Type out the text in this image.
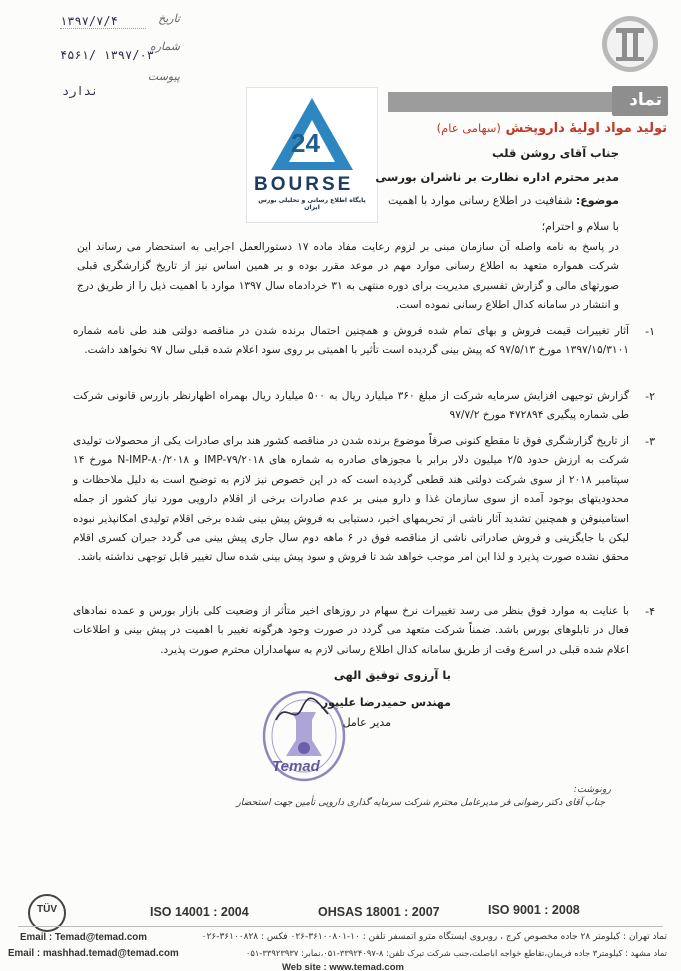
تاریخ
۱۳۹۷/۷/۴
شماره
۱۳۹۷/۰۳ /۴۵۶۱
پیوست
ندارد	تماد
تولید مواد اولیهٔ داروپخش (سهامی عام)
24
BOURSE
پایگاه اطلاع رسانی و تحلیلی بورس ایران
جناب آقای روشن قلب
مدیر محترم اداره نظارت بر ناشران بورسی
موضوع: شفافیت در اطلاع رسانی موارد با اهمیت
با سلام و احترام؛
در پاسخ به نامه واصله آن سازمان مبنی بر لزوم رعایت مفاد ماده ۱۷ دستورالعمل اجرایی به استحضار می رساند این شرکت همواره متعهد به اطلاع رسانی موارد مهم در موعد مقرر بوده و بر همین اساس نیز از تاریخ گزارشگری قبلی صورتهای مالی و گزارش تفسیری مدیریت برای دوره منتهی به ۳۱ خردادماه سال ۱۳۹۷ موارد با اهمیت ذیل را از طریق درج و انتشار در سامانه کدال اطلاع رسانی نموده است.
۱-
آثار تغییرات قیمت فروش و بهای تمام شده فروش و همچنین احتمال برنده شدن در مناقصه دولتی هند طی نامه شماره ۱۳۹۷/۱۵/۳۱۰۱ مورخ ۹۷/۵/۱۳ که پیش بینی گردیده است تأثیر با اهمیتی بر روی سود اعلام شده قبلی سال ۹۷ نخواهد داشت.
۲-
گزارش توجیهی افزایش سرمایه شرکت از مبلغ ۳۶۰ میلیارد ریال به ۵۰۰ میلیارد ریال بهمراه اظهارنظر بازرس قانونی شرکت طی شماره پیگیری ۴۷۲۸۹۴ مورخ ۹۷/۷/۲
۳-
از تاریخ گزارشگری فوق تا مقطع کنونی صرفاً موضوع برنده شدن در مناقصه کشور هند برای صادرات یکی از محصولات تولیدی شرکت به ارزش حدود ۲/۵ میلیون دلار برابر با مجوزهای صادره به شماره های IMP-۷۹/۲۰۱۸ و N-IMP-۸۰/۲۰۱۸ مورخ ۱۴ سپتامبر ۲۰۱۸ از سوی شرکت دولتی هند قطعی گردیده است که در این خصوص نیز لازم به توضیح است به دلیل ملاحظات و محدودیتهای بوجود آمده از سوی سازمان غذا و دارو مبنی بر عدم صادرات برخی از اقلام دارویی مورد نیاز کشور از جمله استامینوفن و همچنین تشدید آثار ناشی از تحریمهای اخیر، دستیابی به فروش پیش بینی شده برخی اقلام تولیدی امکانپذیر نبوده لیکن با جایگزینی و فروش صادراتی ناشی از مناقصه فوق در ۶ ماهه دوم سال جاری پیش بینی می گردد جبران کسری اقلام محقق نشده صورت پذیرد و لذا این امر موجب خواهد شد تا فروش و سود پیش بینی شده سال تغییر قابل توجهی نداشته باشد.
۴-
با عنایت به موارد فوق بنظر می رسد تغییرات نرخ سهام در روزهای اخیر متأثر از وضعیت کلی بازار بورس و عمده نمادهای فعال در تابلوهای بورس باشد. ضمناً شرکت متعهد می گردد در صورت وجود هرگونه تغییر با اهمیت در پیش بینی و اطلاعات اعلام شده قبلی در اسرع وقت از طریق سامانه کدال اطلاع رسانی لازم به سهامداران محترم صورت پذیرد.
با آرزوی توفیق الهی
Temad
مهندس حمیدرضا علیپور
مدیر عامل
رونوشت:
جناب آقای دکتر رضوانی فر مدیرعامل محترم شرکت سرمایه گذاری دارویی تأمین جهت استحضار
TÜV	ISO 14001 : 2004	OHSAS 18001 : 2007	ISO 9001 : 2008
Email : Temad@temad.com	تماد تهران : کیلومتر ۲۸ جاده مخصوص کرج ، روبروی ایستگاه مترو اتمسفر تلفن : ۱۰-۳۶۱۰۰۸۰۱-۰۲۶ فکس : ۳۶۱۰۰۸۲۸-۰۲۶
Email : mashhad.temad@temad.com	تماد مشهد : کیلومتر۳ جاده فریمان،تقاطع خواجه اباصلت،جنب شرکت تبرک تلفن: ۸-۳۳۹۲۴۰۹۷-۰۵۱،نمابر: ۳۳۹۲۳۹۳۷-۰۵۱
Web site : www.temad.com
